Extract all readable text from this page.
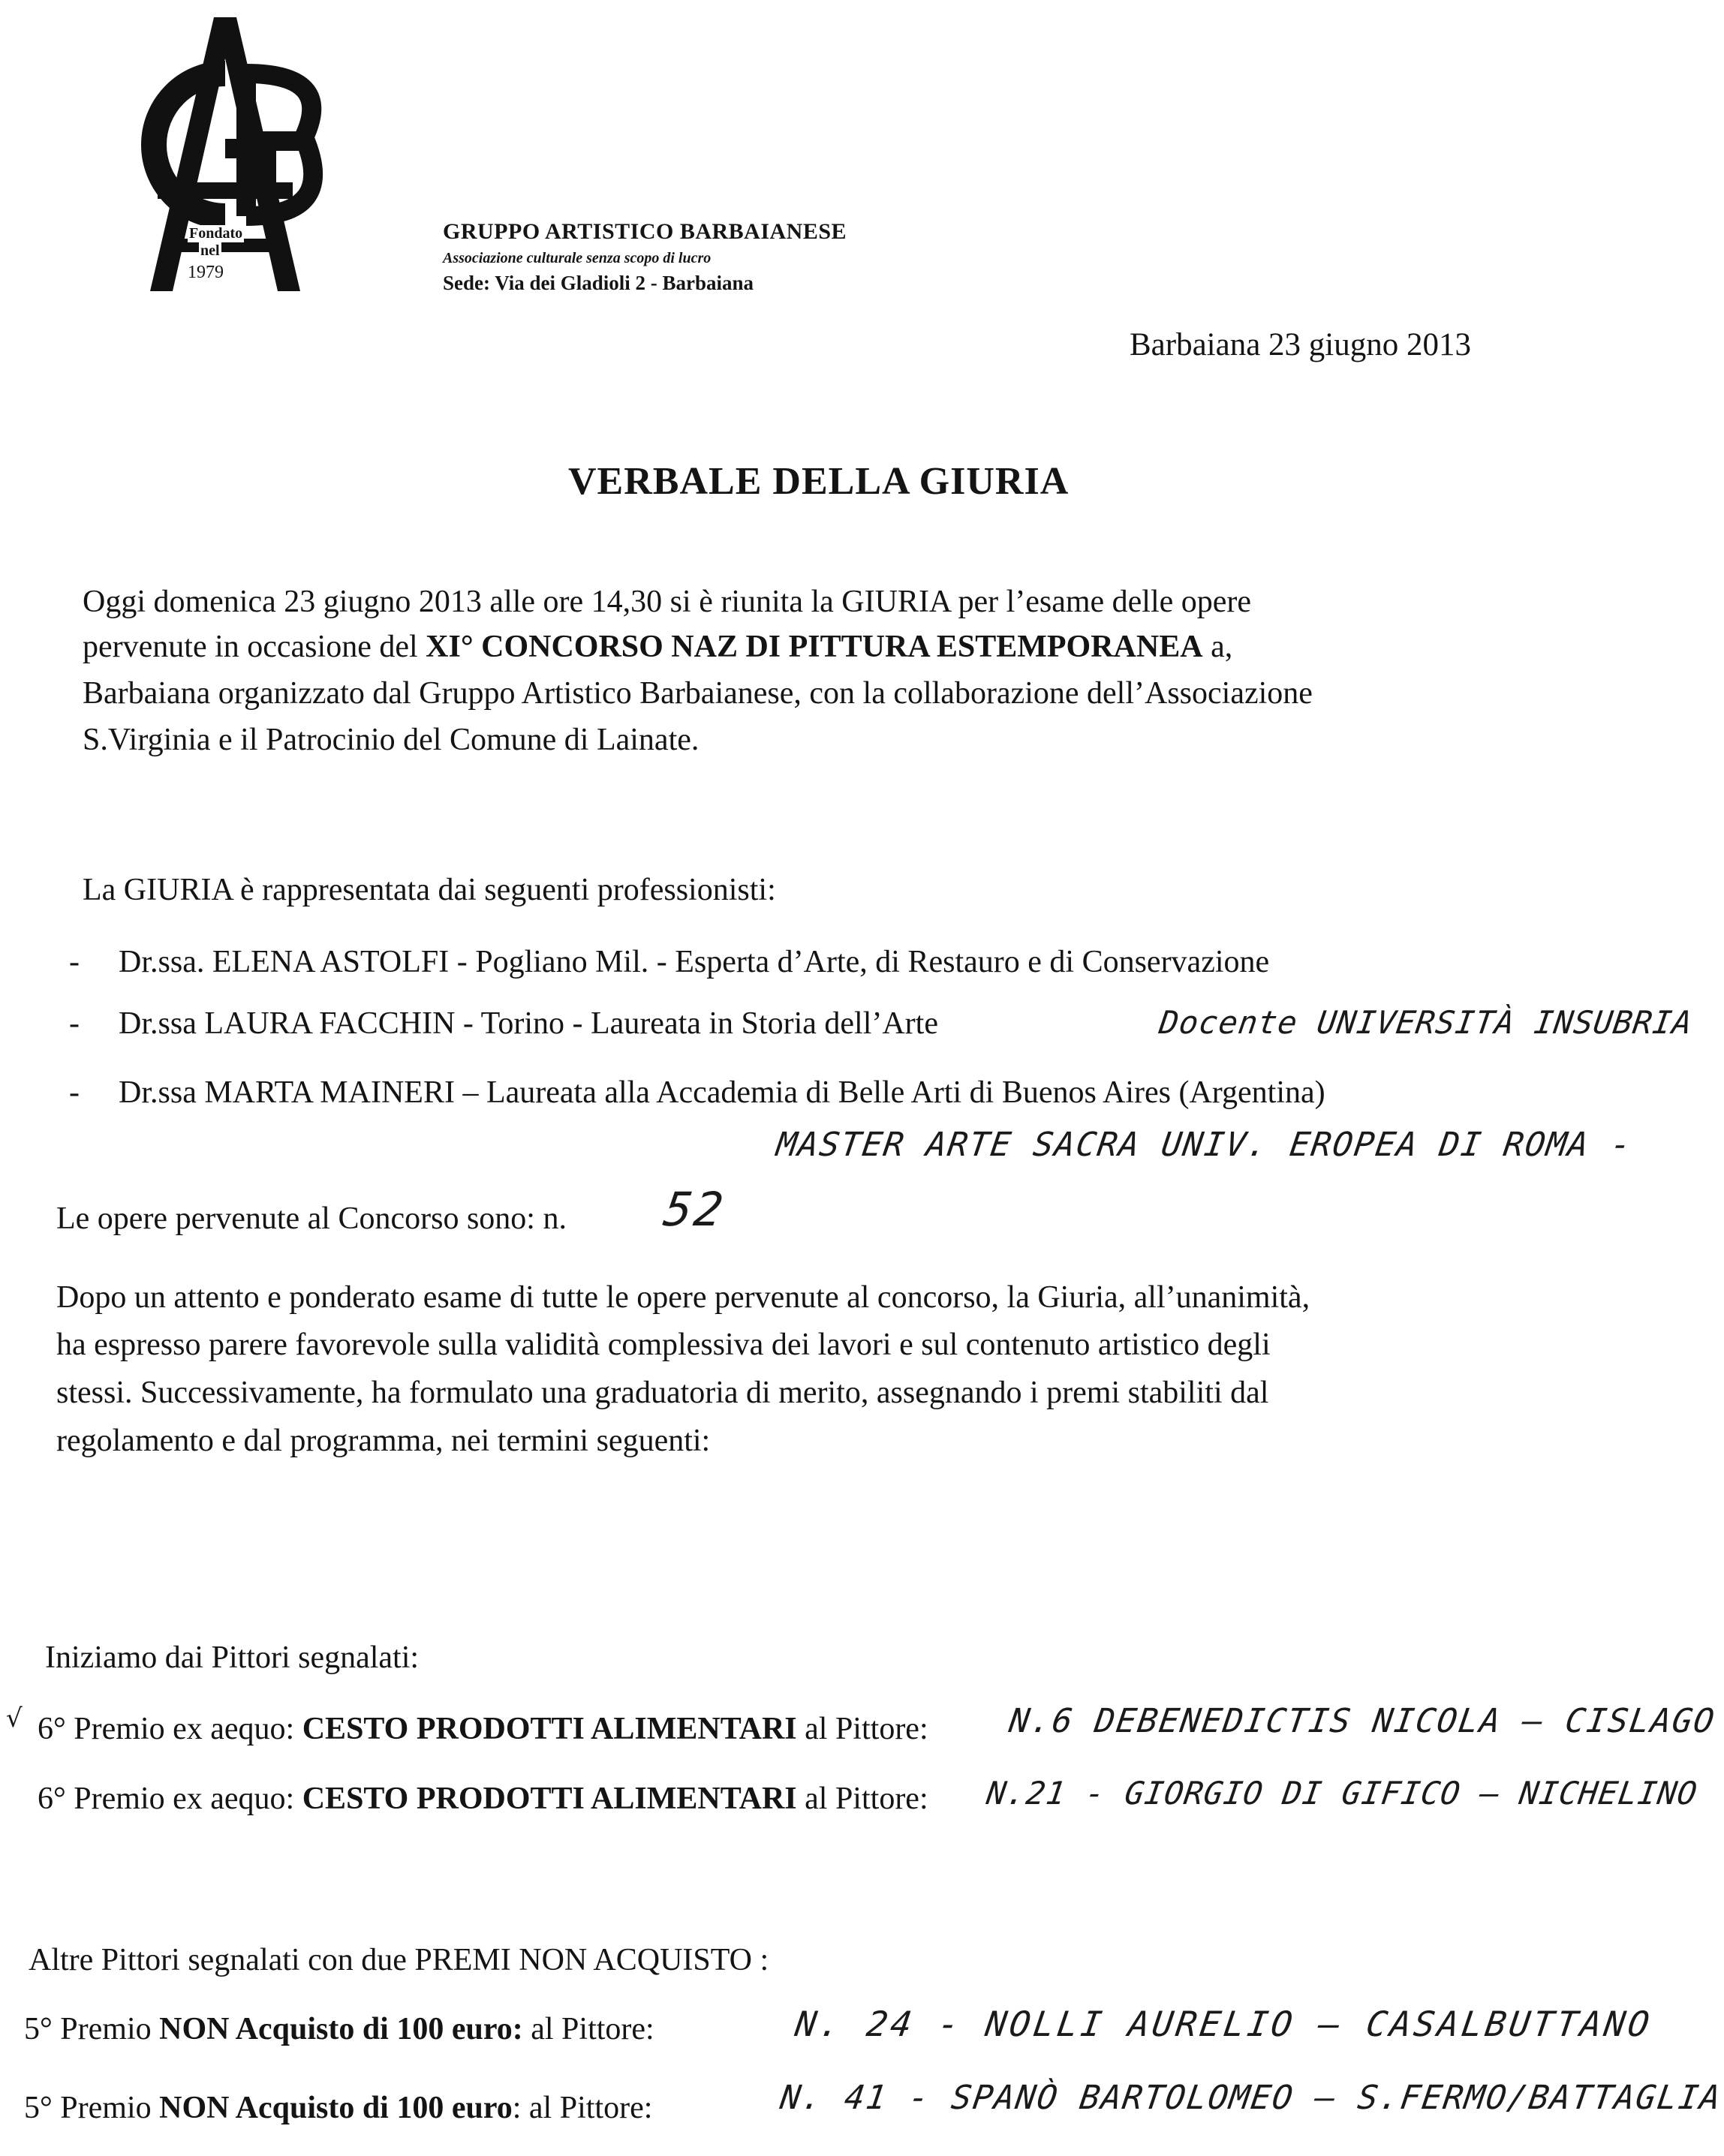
Fondato
nel
1979
GRUPPO ARTISTICO BARBAIANESE
Associazione culturale senza scopo di lucro
Sede: Via dei Gladioli 2 - Barbaiana
Barbaiana 23 giugno 2013
VERBALE DELLA GIURIA
Oggi domenica 23 giugno 2013 alle ore 14,30 si è riunita la GIURIA per l’esame delle opere
pervenute in occasione del XI° CONCORSO NAZ DI PITTURA ESTEMPORANEA a,
Barbaiana organizzato dal Gruppo Artistico Barbaianese, con la collaborazione dell’Associazione
S.Virginia e il Patrocinio del Comune di Lainate.
La GIURIA è rappresentata dai seguenti professionisti:
- Dr.ssa. ELENA ASTOLFI - Pogliano Mil. - Esperta d’Arte, di Restauro e di Conservazione
- Dr.ssa LAURA FACCHIN - Torino - Laureata in Storia dell’Arte	Docente UNIVERSITÀ INSUBRIA
- Dr.ssa MARTA MAINERI – Laureata alla Accademia di Belle Arti di Buenos Aires (Argentina)
MASTER ARTE SACRA UNIV. EROPEA DI ROMA -
Le opere pervenute al Concorso sono: n. 52
Dopo un attento e ponderato esame di tutte le opere pervenute al concorso, la Giuria, all’unanimità,
ha espresso parere favorevole sulla validità complessiva dei lavori e sul contenuto artistico degli
stessi. Successivamente, ha formulato una graduatoria di merito, assegnando i premi stabiliti dal
regolamento e dal programma, nei termini seguenti:
Iniziamo dai Pittori segnalati:
√ 6° Premio ex aequo: CESTO PRODOTTI ALIMENTARI al Pittore: N.6 DEBENEDICTIS NICOLA – CISLAGO
6° Premio ex aequo: CESTO PRODOTTI ALIMENTARI al Pittore: N.21 - GIORGIO DI GIFICO – NICHELINO
Altre Pittori segnalati con due PREMI NON ACQUISTO :
5° Premio NON Acquisto di 100 euro: al Pittore:	N. 24 - NOLLI AURELIO – CASALBUTTANO
5° Premio NON Acquisto di 100 euro: al Pittore:	N. 41 - SPANÒ BARTOLOMEO – S.FERMO/BATTAGLIA
